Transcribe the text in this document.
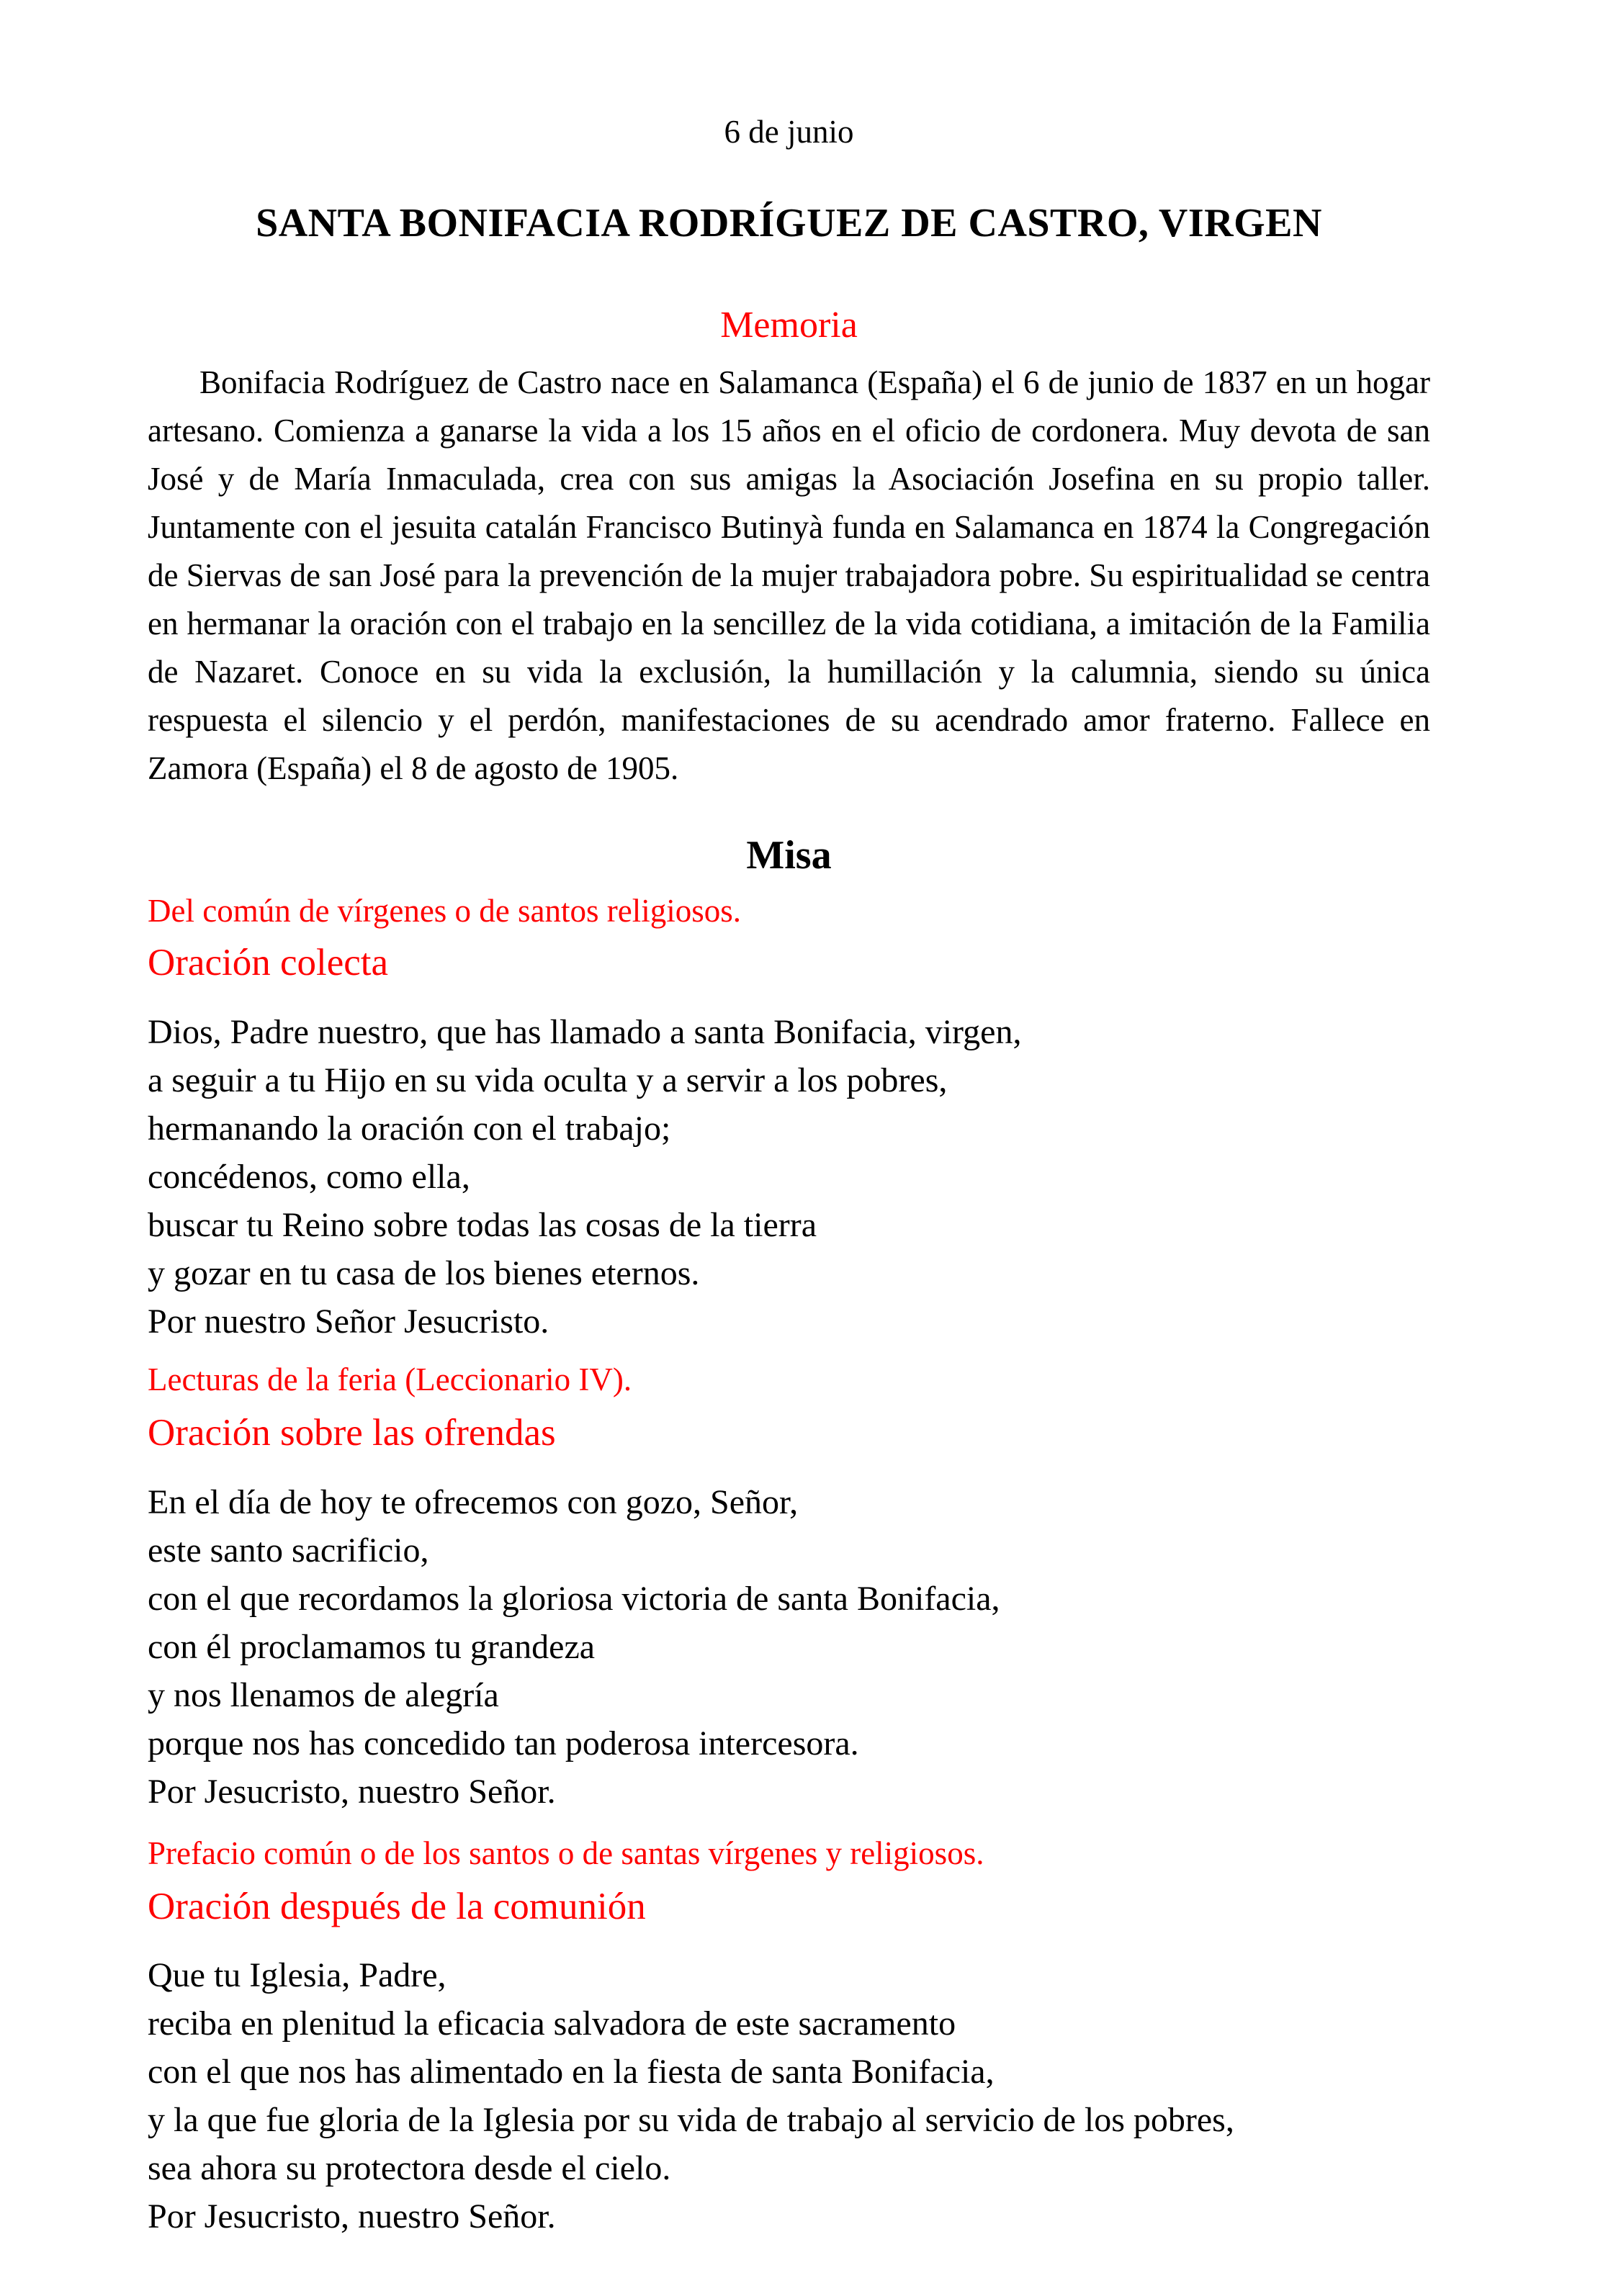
6 de junio
SANTA BONIFACIA RODRÍGUEZ DE CASTRO, VIRGEN
Memoria

Bonifacia Rodríguez de Castro nace en Salamanca (España) el 6 de junio de 1837 en un hogar artesano. Comienza a ganarse la vida a los 15 años en el oficio de cordonera. Muy devota de san José y de María Inmaculada, crea con sus amigas la Asociación Josefina en su propio taller. Juntamente con el jesuita catalán Francisco Butinyà funda en Salamanca en 1874 la Congregación de Siervas de san José para la prevención de la mujer trabajadora pobre. Su espiritualidad se centra en hermanar la oración con el trabajo en la sencillez de la vida cotidiana, a imitación de la Familia de Nazaret. Conoce en su vida la exclusión, la humillación y la calumnia, siendo su única respuesta el silencio y el perdón, manifestaciones de su acendrado amor fraterno. Fallece en Zamora (España) el 8 de agosto de 1905.

Misa
Del común de vírgenes o de santos religiosos.
Oración colecta
Dios, Padre nuestro, que has llamado a santa Bonifacia, virgen,
a seguir a tu Hijo en su vida oculta y a servir a los pobres,
hermanando la oración con el trabajo;
concédenos, como ella,
buscar tu Reino sobre todas las cosas de la tierra
y gozar en tu casa de los bienes eternos.
Por nuestro Señor Jesucristo.
Lecturas de la feria (Leccionario IV).
Oración sobre las ofrendas
En el día de hoy te ofrecemos con gozo, Señor,
este santo sacrificio,
con el que recordamos la gloriosa victoria de santa Bonifacia,
con él proclamamos tu grandeza
y nos llenamos de alegría
porque nos has concedido tan poderosa intercesora.
Por Jesucristo, nuestro Señor.
Prefacio común o de los santos o de santas vírgenes y religiosos.
Oración después de la comunión
Que tu Iglesia, Padre,
reciba en plenitud la eficacia salvadora de este sacramento
con el que nos has alimentado en la fiesta de santa Bonifacia,
y la que fue gloria de la Iglesia por su vida de trabajo al servicio de los pobres,
sea ahora su protectora desde el cielo.
Por Jesucristo, nuestro Señor.
